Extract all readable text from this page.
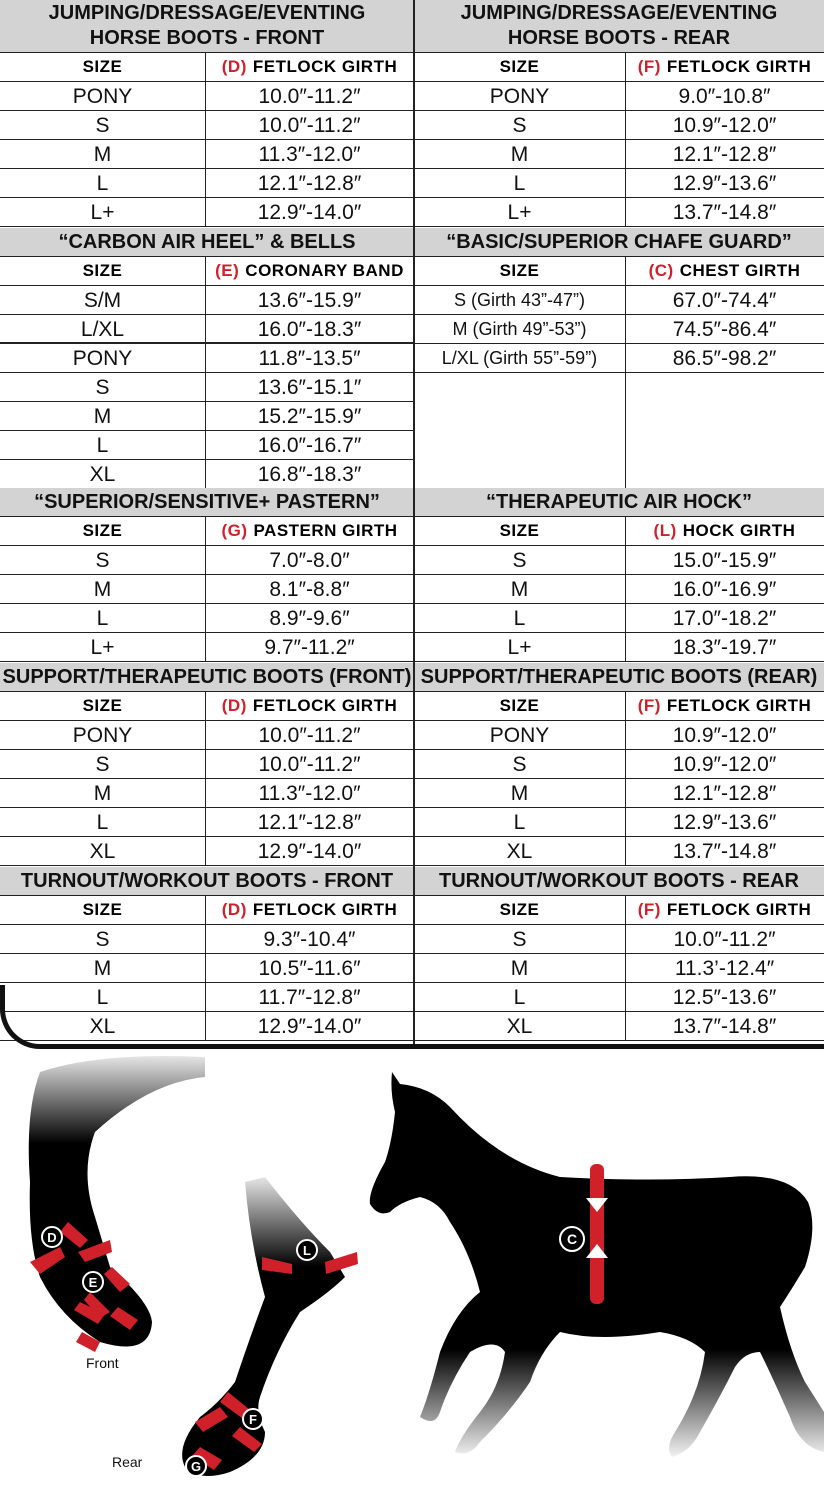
JUMPING/DRESSAGE/EVENTING
HORSE BOOTS - FRONT
SIZE	(D) FETLOCK GIRTH
PONY	10.0″-11.2″
S	10.0″-11.2″
M	11.3″-12.0″
L	12.1″-12.8″
L+	12.9″-14.0″
JUMPING/DRESSAGE/EVENTING
HORSE BOOTS - REAR
SIZE	(F) FETLOCK GIRTH
PONY	9.0″-10.8″
S	10.9″-12.0″
M	12.1″-12.8″
L	12.9″-13.6″
L+	13.7″-14.8″
“CARBON AIR HEEL” & BELLS
SIZE	(E) CORONARY BAND
S/M	13.6″-15.9″
L/XL	16.0″-18.3″
PONY	11.8″-13.5″
S	13.6″-15.1″
M	15.2″-15.9″
L	16.0″-16.7″
XL	16.8″-18.3″
“BASIC/SUPERIOR CHAFE GUARD”
SIZE	(C) CHEST GIRTH
S (Girth 43”-47”)	67.0″-74.4″
M (Girth 49”-53”)	74.5″-86.4″
L/XL (Girth 55”-59”)	86.5″-98.2″
“SUPERIOR/SENSITIVE+ PASTERN”
SIZE	(G) PASTERN GIRTH
S	7.0″-8.0″
M	8.1″-8.8″
L	8.9″-9.6″
L+	9.7″-11.2″
“THERAPEUTIC AIR HOCK”
SIZE	(L) HOCK GIRTH
S	15.0″-15.9″
M	16.0″-16.9″
L	17.0″-18.2″
L+	18.3″-19.7″
SUPPORT/THERAPEUTIC BOOTS (FRONT)
SIZE	(D) FETLOCK GIRTH
PONY	10.0″-11.2″
S	10.0″-11.2″
M	11.3″-12.0″
L	12.1″-12.8″
XL	12.9″-14.0″
SUPPORT/THERAPEUTIC BOOTS (REAR)
SIZE	(F) FETLOCK GIRTH
PONY	10.9″-12.0″
S	10.9″-12.0″
M	12.1″-12.8″
L	12.9″-13.6″
XL	13.7″-14.8″
TURNOUT/WORKOUT BOOTS - FRONT
SIZE	(D) FETLOCK GIRTH
S	9.3″-10.4″
M	10.5″-11.6″
L	11.7″-12.8″
XL	12.9″-14.0″
TURNOUT/WORKOUT BOOTS - REAR
SIZE	(F) FETLOCK GIRTH
S	10.0″-11.2″
M	11.3’-12.4″
L	12.5″-13.6″
XL	13.7″-14.8″
D
E
L
F
G
C
Front
Rear
